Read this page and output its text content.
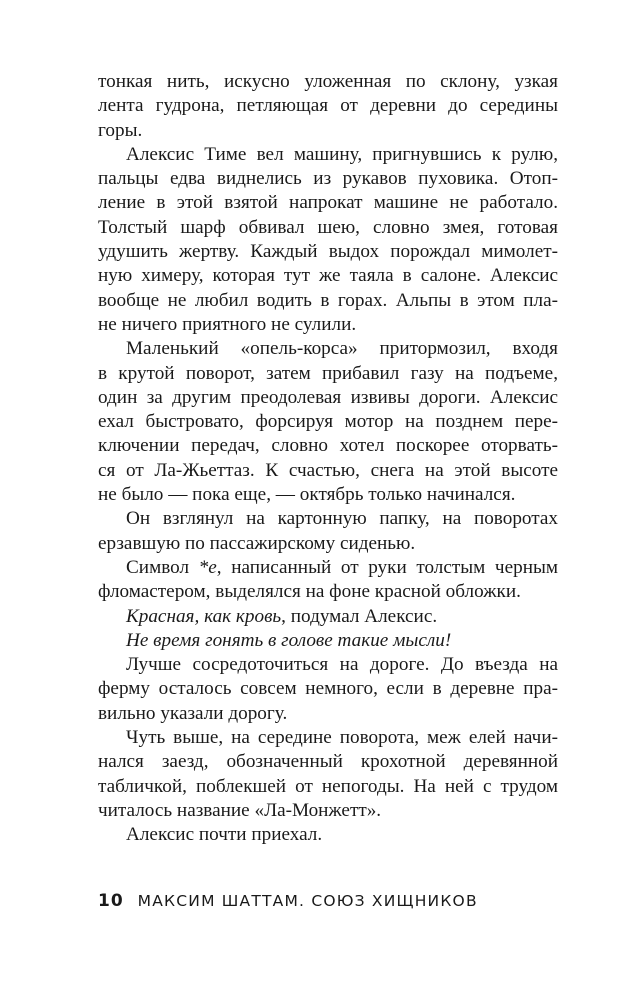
тонкая нить, искусно уложенная по склону, узкая
лента гудрона, петляющая от деревни до середины
горы.
Алексис Тиме вел машину, пригнувшись к рулю,
пальцы едва виднелись из рукавов пуховика. Отоп-
ление в этой взятой напрокат машине не работало.
Толстый шарф обвивал шею, словно змея, готовая
удушить жертву. Каждый выдох порождал мимолет-
ную химеру, которая тут же таяла в салоне. Алексис
вообще не любил водить в горах. Альпы в этом пла-
не ничего приятного не сулили.
Маленький «опель-корса» притормозил, входя
в крутой поворот, затем прибавил газу на подъеме,
один за другим преодолевая извивы дороги. Алексис
ехал быстровато, форсируя мотор на позднем пере-
ключении передач, словно хотел поскорее оторвать-
ся от Ла-Жьеттаз. К счастью, снега на этой высоте
не было — пока еще, — октябрь только начинался.
Он взглянул на картонную папку, на поворотах
ерзавшую по пассажирскому сиденью.
Символ *e, написанный от руки толстым черным
фломастером, выделялся на фоне красной обложки.
Красная, как кровь, подумал Алексис.
Не время гонять в голове такие мысли!
Лучше сосредоточиться на дороге. До въезда на
ферму осталось совсем немного, если в деревне пра-
вильно указали дорогу.
Чуть выше, на середине поворота, меж елей начи-
нался заезд, обозначенный крохотной деревянной
табличкой, поблекшей от непогоды. На ней с трудом
читалось название «Ла-Монжетт».
Алексис почти приехал.
10 МАКСИМ ШАТТАМ. СОЮЗ ХИЩНИКОВ
